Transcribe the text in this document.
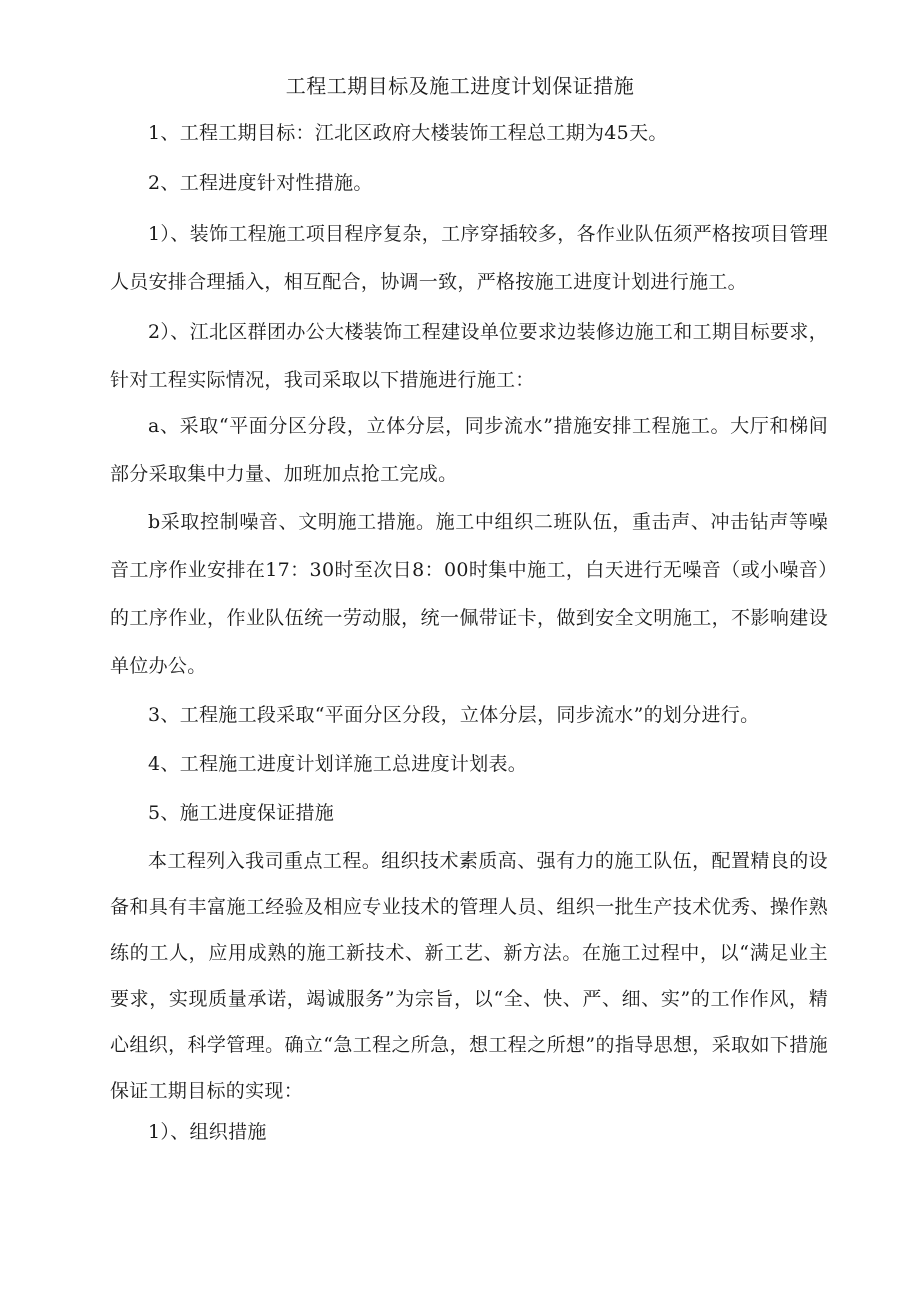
工程工期目标及施工进度计划保证措施
1、工程工期目标：江北区政府大楼装饰工程总工期为45天。
2、工程进度针对性措施。
1）、装饰工程施工项目程序复杂，工序穿插较多，各作业队伍须严格按项目管理人员安排合理插入，相互配合，协调一致，严格按施工进度计划进行施工。
2）、江北区群团办公大楼装饰工程建设单位要求边装修边施工和工期目标要求，针对工程实际情况，我司采取以下措施进行施工：
a、采取“平面分区分段，立体分层，同步流水”措施安排工程施工。大厅和梯间部分采取集中力量、加班加点抢工完成。
b采取控制噪音、文明施工措施。施工中组织二班队伍，重击声、冲击钻声等噪音工序作业安排在17：30时至次日8：00时集中施工，白天进行无噪音（或小噪音）的工序作业，作业队伍统一劳动服，统一佩带证卡，做到安全文明施工，不影响建设单位办公。
3、工程施工段采取“平面分区分段，立体分层，同步流水”的划分进行。
4、工程施工进度计划详施工总进度计划表。
5、施工进度保证措施
本工程列入我司重点工程。组织技术素质高、强有力的施工队伍，配置精良的设备和具有丰富施工经验及相应专业技术的管理人员、组织一批生产技术优秀、操作熟练的工人，应用成熟的施工新技术、新工艺、新方法。在施工过程中，以“满足业主要求，实现质量承诺，竭诚服务”为宗旨，以“全、快、严、细、实”的工作作风，精心组织，科学管理。确立“急工程之所急，想工程之所想”的指导思想，采取如下措施保证工期目标的实现：
1）、组织措施
